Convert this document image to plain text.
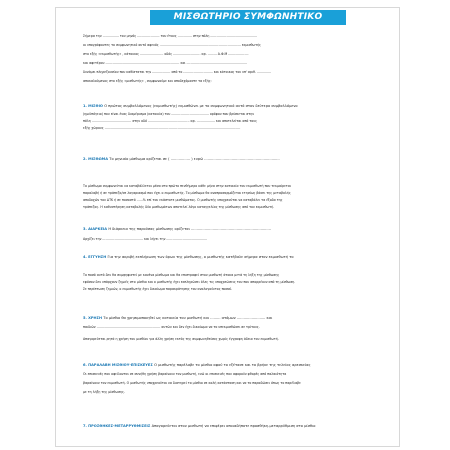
ΜΙΣΘΩΤΗΡΙΟ ΣΥΜΦΩΝΗΤΙΚΟ ΚΑΤΟΙΚΙΑΣ
Σήμερα την ................ του μηνός ...................... του έτους .............. στην πόλη ..............................................
οι υπογράφοντες το συμφωνητικό αυτό αφενός ................................................................................ εκμισθωτής
στο εξής «εκμισθωτής» , κάτοικος ....................... οδός ........................... αρ. ......... Α.Φ.Μ ....................
και αφετέρου ......................................................................... και ............................................................
δυνάμει πληρεξουσίου που καθίσταται την .................. από το ............................. και κάτοικος του υπ' αριθ. ..............
αποκαλούμενος στο εξής «μισθωτής» , συμφωνούμε και αποδεχόμαστε τα εξής:
1. ΜΙΣΘΙΟ Ο πρώτος συμβαλλόμενος (εκμισθωτής) εκμισθώνει με το συμφωνητικό αυτό στον δεύτερο συμβαλλόμενο
(ημιϋπόγειο) που είναι ένας διαμέρισμα (κατοικία) του ..................................... ορόφου που βρίσκεται στην
πόλη ....................................... στην οδό ......................................... αρ. .................. και αποτελείται από τους
εξής χώρους ......................................................................................................................................
2. ΜΙΣΘΩΜΑ Το μηνιαίο μίσθωμα ορίζεται σε ( ................. ) ευρώ ..................................................................
Το μίσθωμα συμφωνείται να καταβάλλεται μέσα στο πρώτο πενθήμερο κάθε μήνα στην κατοικία του εκμισθωτή που τεκμαίρεται
παραλαβή ή σε τράπεζα/σε λογαριασμό που έχει ο εκμισθωτής. Το μίσθωμα θα αναπροσαρμόζεται ετησίως βάσει της μεταβολής
αποδοχών του ΔΤΚ ή σε ποσοστό ......% επί του εκάστοτε μισθώματος. Ο μισθωτής υποχρεούται να καταβάλει τα έξοδα της
τράπεζας. Η καθυστέρηση καταβολής δύο μισθωμάτων αποτελεί λόγο καταγγελίας της μίσθωσης από τον εκμισθωτή.
3. ΔΙΑΡΚΕΙΑ Η διάρκεια της παρούσας μίσθωσης ορίζεται ......................................................................
Αρχίζει την ........................................ και λήγει την ........................................
4. ΕΓΓΥΗΣΗ Για την ακριβή εκπλήρωση των όρων της μίσθωσης, ο μισθωτής κατέβαλε σήμερα στον εκμισθωτή το
Το ποσό αυτό δεν θα συμψηφιστεί με κανένα μίσθωμα και θα επιστραφεί στον μισθωτή άτοκα μετά τη λήξη της μίσθωσης
εφόσον δεν υπάρχουν ζημιές στο μίσθιο και ο μισθωτής έχει εκπληρώσει όλες τις υποχρεώσεις του που απορρέουν από τη μίσθωση.
Σε περίπτωση ζημιών, ο εκμισθωτής έχει δικαίωμα παρακράτησης του αναλογούντος ποσού.
5. ΧΡΗΣΗ Το μίσθιο θα χρησιμοποιηθεί ως κατοικία του μισθωτή και ......... ατόμων ......................... και
παιδιών ............................................................... αυτών και δεν έχει δικαίωμα να το υπεκμισθώσει σε τρίτους.
Απαγορεύεται ρητά η χρήση του μισθίου για άλλη χρήση εκτός της συμφωνηθείσας χωρίς έγγραφη άδεια του εκμισθωτή.
6. ΠΑΡΑΛΑΒΗ ΜΙΣΘΙΟΥ-ΕΠΙΣΚΕΥΕΣ Ο μισθωτής παρέλαβε το μίσθιο αφού το εξέτασε και το βρήκε της τελείας αρεσκείας
Οι επισκευές που οφείλονται σε συνήθη χρήση βαραίνουν τον μισθωτή, ενώ οι επισκευές που αφορούν φθορές από παλαιότητα
βαραίνουν τον εκμισθωτή. Ο μισθωτής υποχρεούται να διατηρεί το μίσθιο σε καλή κατάσταση και να το παραδώσει όπως το παρέλαβε
με τη λήξη της μίσθωσης.
7. ΠΡΟΣΘΗΚΕΣ-ΜΕΤΑΡΡΥΘΜΙΣΕΙΣ Απαγορεύεται στον μισθωτή να επιφέρει οποιαδήποτε προσθήκη-μεταρρύθμιση στο μίσθιο
